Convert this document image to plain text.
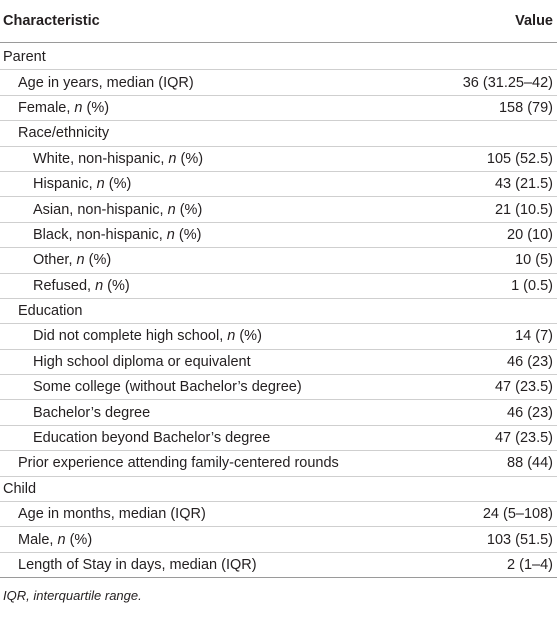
Characteristic	Value
Parent	
Age in years, median (IQR)	36 (31.25–42)
Female, n (%)	158 (79)
Race/ethnicity	
White, non-hispanic, n (%)	105 (52.5)
Hispanic, n (%)	43 (21.5)
Asian, non-hispanic, n (%)	21 (10.5)
Black, non-hispanic, n (%)	20 (10)
Other, n (%)	10 (5)
Refused, n (%)	1 (0.5)
Education	
Did not complete high school, n (%)	14 (7)
High school diploma or equivalent	46 (23)
Some college (without Bachelor’s degree)	47 (23.5)
Bachelor’s degree	46 (23)
Education beyond Bachelor’s degree	47 (23.5)
Prior experience attending family-centered rounds	88 (44)
Child	
Age in months, median (IQR)	24 (5–108)
Male, n (%)	103 (51.5)
Length of Stay in days, median (IQR)	2 (1–4)
IQR, interquartile range.
